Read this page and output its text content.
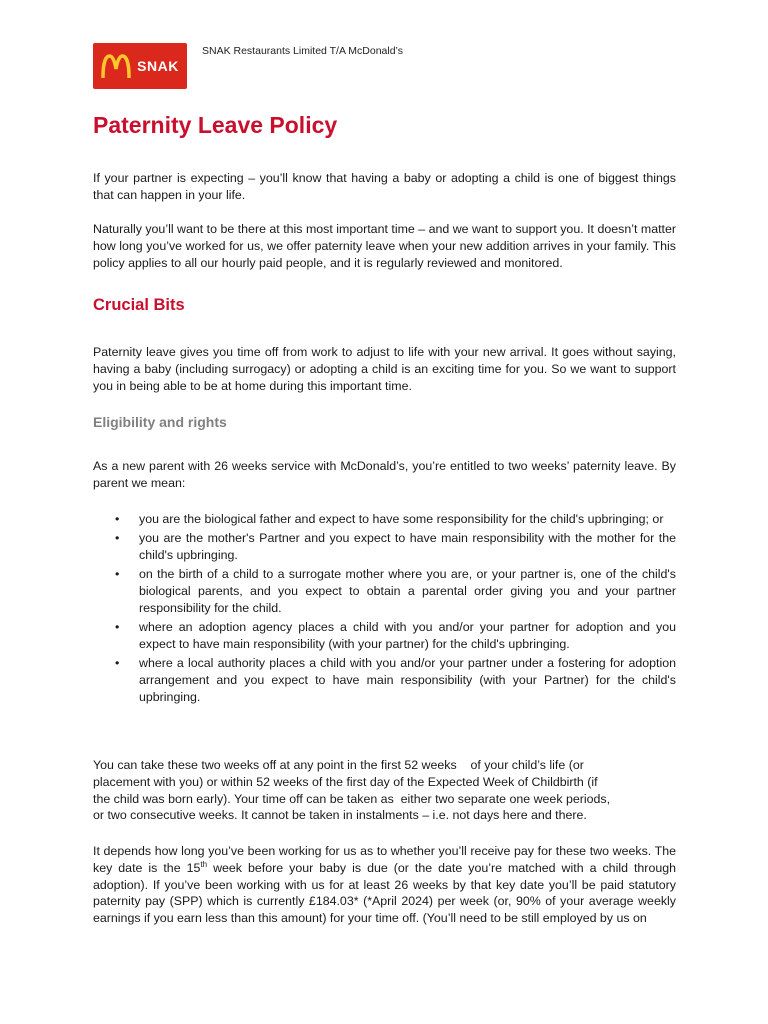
SNAK
SNAK Restaurants Limited T/A McDonald’s
Paternity Leave Policy

If your partner is expecting – you’ll know that having a baby or adopting a child is one of biggest things that can happen in your life.

Naturally you’ll want to be there at this most important time – and we want to support you. It doesn’t matter how long you’ve worked for us, we offer paternity leave when your new addition arrives in your family. This policy applies to all our hourly paid people, and it is regularly reviewed and monitored.

Crucial Bits

Paternity leave gives you time off from work to adjust to life with your new arrival. It goes without saying, having a baby (including surrogacy) or adopting a child is an exciting time for you. So we want to support you in being able to be at home during this important time.

Eligibility and rights

As a new parent with 26 weeks service with McDonald’s, you’re entitled to two weeks’ paternity leave. By parent we mean:

• you are the biological father and expect to have some responsibility for the child's upbringing; or
• you are the mother's Partner and you expect to have main responsibility with the mother for the child's upbringing.
• on the birth of a child to a surrogate mother where you are, or your partner is, one of the child's biological parents, and you expect to obtain a parental order giving you and your partner responsibility for the child.
• where an adoption agency places a child with you and/or your partner for adoption and you expect to have main responsibility (with your partner) for the child's upbringing.
• where a local authority places a child with you and/or your partner under a fostering for adoption arrangement and you expect to have main responsibility (with your Partner) for the child's upbringing.
You can take these two weeks off at any point in the first 52 weeks    of your child’s life (or
placement with you) or within 52 weeks of the first day of the Expected Week of Childbirth (if
the child was born early). Your time off can be taken as  either two separate one week periods,
or two consecutive weeks. It cannot be taken in instalments – i.e. not days here and there.

It depends how long you’ve been working for us as to whether you’ll receive pay for these two weeks. The key date is the 15th week before your baby is due (or the date you’re matched with a child through adoption). If you’ve been working with us for at least 26 weeks by that key date you’ll be paid statutory paternity pay (SPP) which is currently £184.03* (*April 2024) per week (or, 90% of your average weekly earnings if you earn less than this amount) for your time off. (You’ll need to be still employed by us on
